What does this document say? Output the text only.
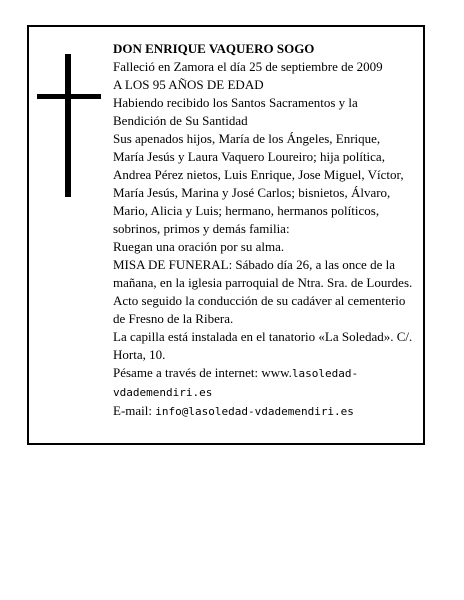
DON ENRIQUE VAQUERO SOGO

Falleció en Zamora el día 25 de septiembre de 2009

A LOS 95 AÑOS DE EDAD

Habiendo recibido los Santos Sacramentos y la Bendición de Su Santidad

Sus apenados hijos, María de los Ángeles, Enrique, María Jesús y Laura Vaquero Loureiro; hija política, Andrea Pérez nietos, Luis Enrique, Jose Miguel, Víctor, María Jesús, Marina y José Carlos; bisnietos, Álvaro, Mario, Alicia y Luis; hermano, hermanos políticos, sobrinos, primos y demás familia:

Ruegan una oración por su alma.

MISA DE FUNERAL: Sábado día 26, a las once de la mañana, en la iglesia parroquial de Ntra. Sra. de Lourdes. Acto seguido la conducción de su cadáver al cementerio de Fresno de la Ribera.

La capilla está instalada en el tanatorio «La Soledad». C/. Horta, 10.

Pésame a través de internet: www.lasoledad-vdademendiri.es

E-mail: info@lasoledad-vdademendiri.es
